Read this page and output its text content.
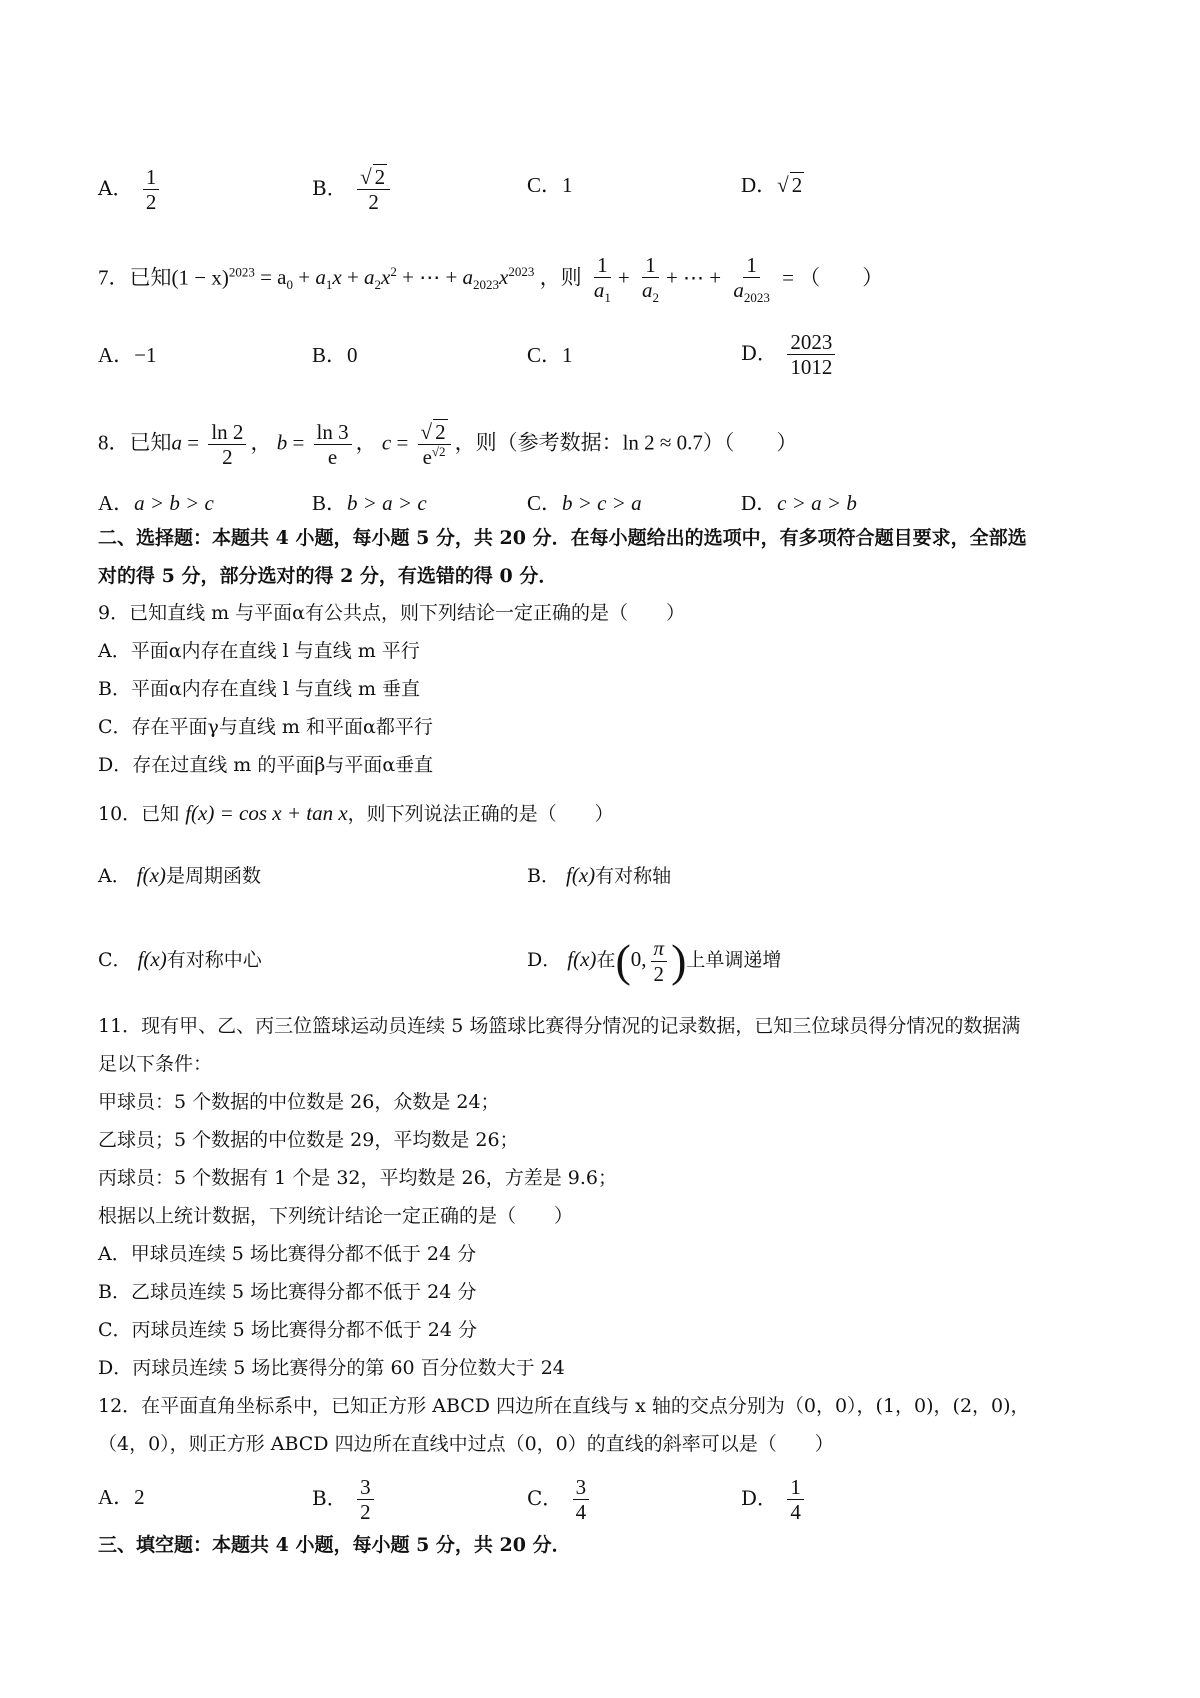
A． $\frac{1}{2}$	B． $\frac{√ 2}{2}$	C．1	D．√ 2
7．已知$(1 - x)^{2023} = a_0 + a_1x + a_2x^2$ + ⋯ + $a_{2023}x^{2023}$ ，则 $\frac{1}{a_1} + \frac{1}{a_2}$ + ⋯ + $\frac{1}{a_{2023}}$ = （　　）
A．−1	B．0	C．1	D． $\frac{2023}{1012}$
8．已知$a = \frac{\ln 2}{2}$ ， $b = \frac{\ln 3}{e}$ ， $c = \frac{√ 2}{e^{√2}}$ ，则（参考数据：ln 2 ≈ 0.7）（　　）
A．a > b > c	B．b > a > c	C．b > c > a	D．c > a > b
二、选择题：本题共 4 小题，每小题 5 分，共 20 分．在每小题给出的选项中，有多项符合题目要求，全部选
对的得 5 分，部分选对的得 2 分，有选错的得 0 分．
9．已知直线 m 与平面α有公共点，则下列结论一定正确的是（　　）
A．平面α内存在直线 l 与直线 m 平行
B．平面α内存在直线 l 与直线 m 垂直
C．存在平面γ与直线 m 和平面α都平行
D．存在过直线 m 的平面β与平面α垂直
10．已知 f(x) = cos x + tan x，则下列说法正确的是（　　）
A． f(x)是周期函数	B． f(x)有对称轴
C． f(x)有对称中心	D． f(x)在(0, $\frac{\pi}{2}$ )上单调递增
11．现有甲、乙、丙三位篮球运动员连续 5 场篮球比赛得分情况的记录数据，已知三位球员得分情况的数据满
足以下条件：
甲球员：5 个数据的中位数是 26，众数是 24；
乙球员；5 个数据的中位数是 29，平均数是 26；
丙球员：5 个数据有 1 个是 32，平均数是 26，方差是 9.6；
根据以上统计数据，下列统计结论一定正确的是（　　）
A．甲球员连续 5 场比赛得分都不低于 24 分
B．乙球员连续 5 场比赛得分都不低于 24 分
C．丙球员连续 5 场比赛得分都不低于 24 分
D．丙球员连续 5 场比赛得分的第 60 百分位数大于 24
12．在平面直角坐标系中，已知正方形 ABCD 四边所在直线与 x 轴的交点分别为（0，0），(1，0)，(2，0)，
（4，0），则正方形 ABCD 四边所在直线中过点（0，0）的直线的斜率可以是（　　）
A．2	B． $\frac{3}{2}$	C． $\frac{3}{4}$	D． $\frac{1}{4}$
三、填空题：本题共 4 小题，每小题 5 分，共 20 分．
